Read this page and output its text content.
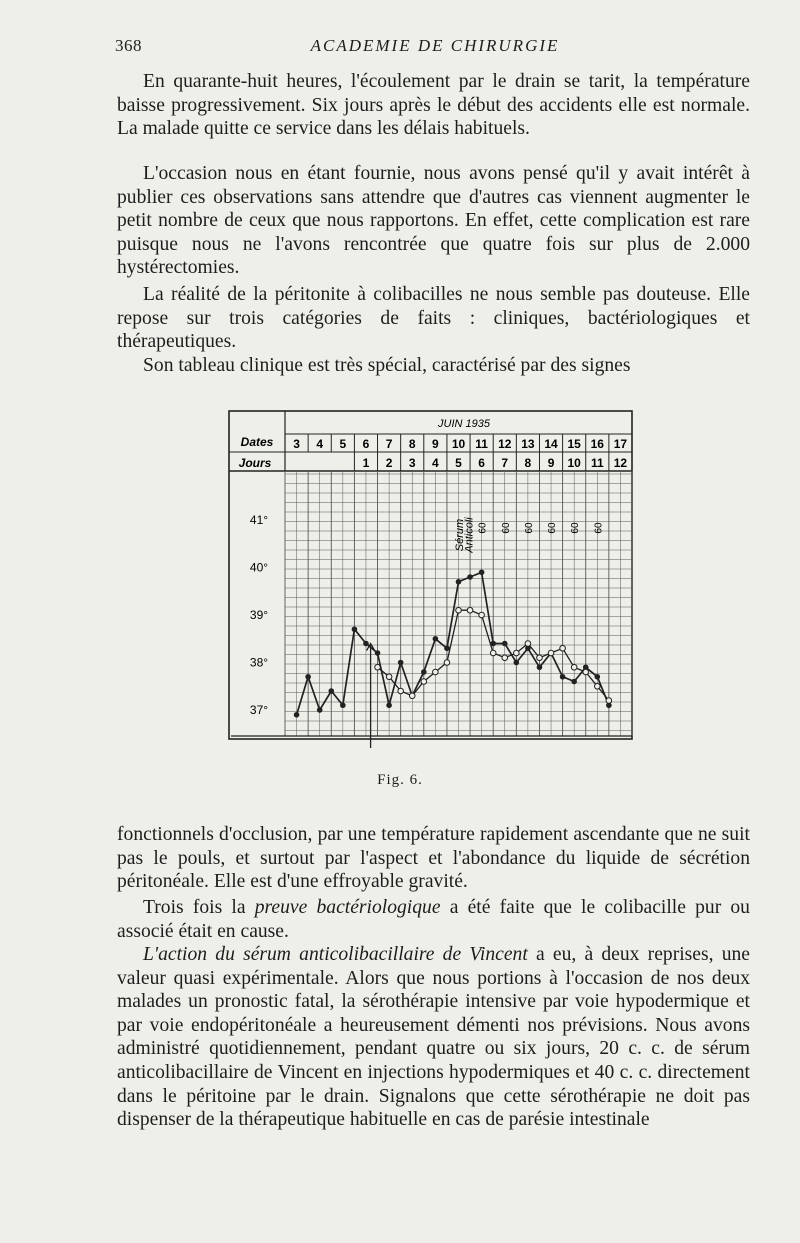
368	ACADEMIE DE CHIRURGIE

En quarante-huit heures, l'écoulement par le drain se tarit, la température baisse progressivement. Six jours après le début des accidents elle est normale. La malade quitte ce service dans les délais habituels.

L'occasion nous en étant fournie, nous avons pensé qu'il y avait intérêt à publier ces observations sans attendre que d'autres cas viennent augmenter le petit nombre de ceux que nous rapportons. En effet, cette complication est rare puisque nous ne l'avons rencontrée que quatre fois sur plus de 2.000 hystérectomies.

La réalité de la péritonite à colibacilles ne nous semble pas douteuse. Elle repose sur trois catégories de faits : cliniques, bactériologiques et thérapeutiques.

Son tableau clinique est très spécial, caractérisé par des signes

Dates
Jours
JUIN 1935
3 4 5 6 7 8 9 10 11 12 13 14 15 16 17
1 2 3 4 5 6 7 8 9 10 11 12
41°
40°
39°
38°
37°
Sérum
Anticoli 60 60 60 60 60 60

Fig. 6.

fonctionnels d'occlusion, par une température rapidement ascendante que ne suit pas le pouls, et surtout par l'aspect et l'abondance du liquide de sécrétion péritonéale. Elle est d'une effroyable gravité.

Trois fois la preuve bactériologique a été faite que le colibacille pur ou associé était en cause.

L'action du sérum anticolibacillaire de Vincent a eu, à deux reprises, une valeur quasi expérimentale. Alors que nous portions à l'occasion de nos deux malades un pronostic fatal, la sérothérapie intensive par voie hypodermique et par voie endopéritonéale a heureusement démenti nos prévisions. Nous avons administré quotidiennement, pendant quatre ou six jours, 20 c. c. de sérum anticolibacillaire de Vincent en injections hypodermiques et 40 c. c. directement dans le péritoine par le drain. Signalons que cette sérothérapie ne doit pas dispenser de la thérapeutique habituelle en cas de parésie intestinale
